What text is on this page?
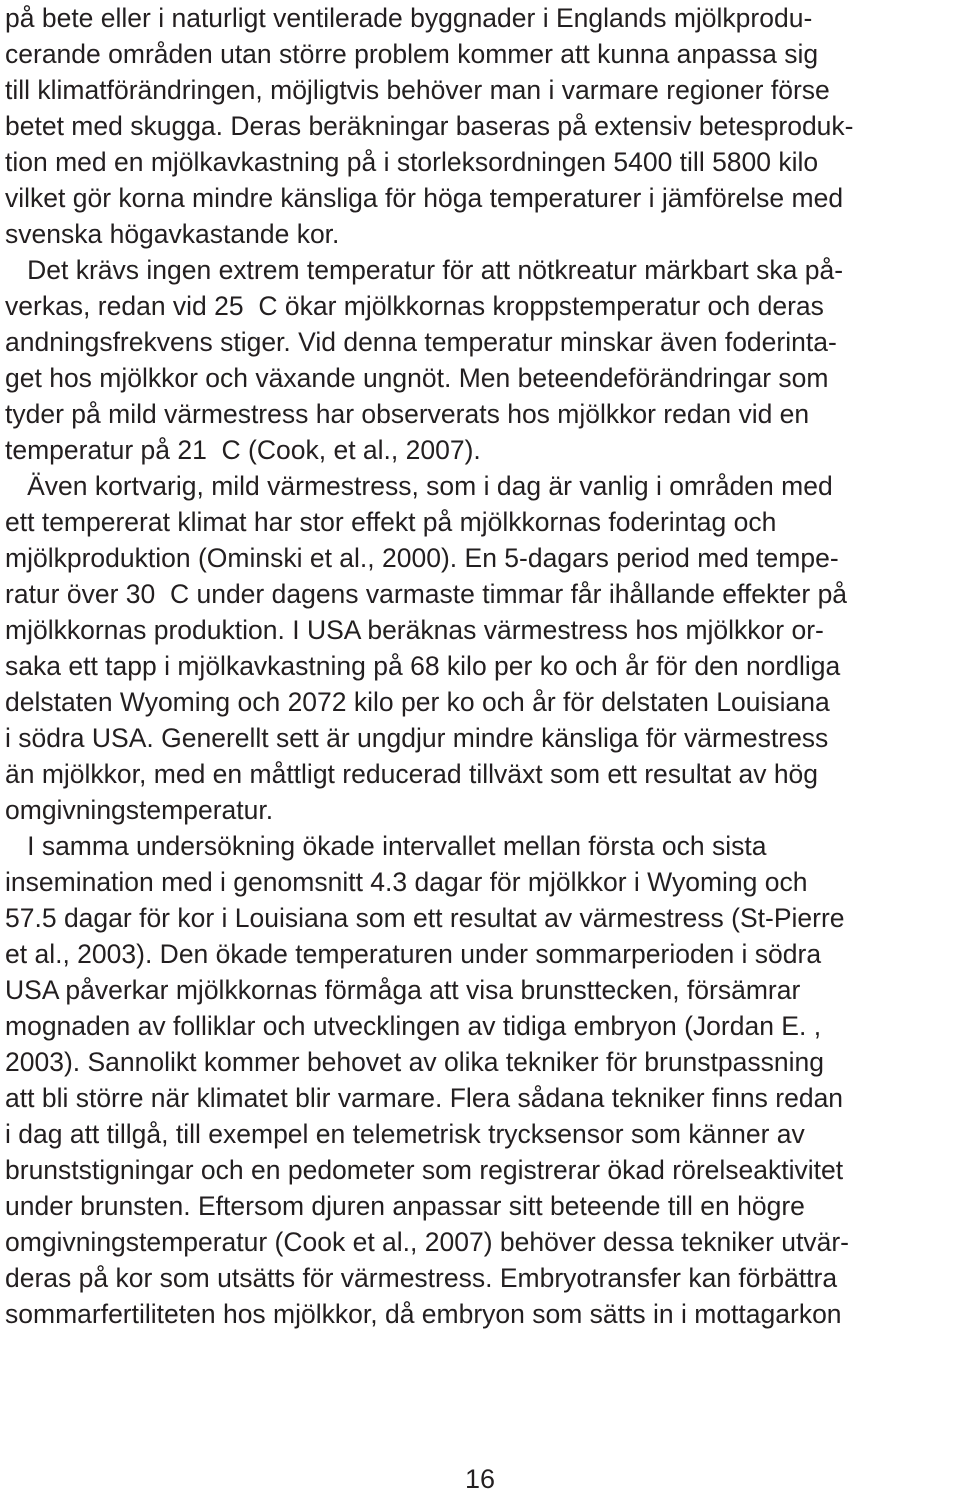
på bete eller i naturligt ventilerade byggnader i Englands mjölkprodu-
cerande områden utan större problem kommer att kunna anpassa sig
till klimatförändringen, möjligtvis behöver man i varmare regioner förse
betet med skugga. Deras beräkningar baseras på extensiv betesproduk-
tion med en mjölkavkastning på i storleksordningen 5400 till 5800 kilo
vilket gör korna mindre känsliga för höga temperaturer i jämförelse med
svenska högavkastande kor.
Det krävs ingen extrem temperatur för att nötkreatur märkbart ska på-
verkas, redan vid 25  C ökar mjölkkornas kroppstemperatur och deras
andningsfrekvens stiger. Vid denna temperatur minskar även foderinta-
get hos mjölkkor och växande ungnöt. Men beteendeförändringar som
tyder på mild värmestress har observerats hos mjölkkor redan vid en
temperatur på 21  C (Cook, et al., 2007).
Även kortvarig, mild värmestress, som i dag är vanlig i områden med
ett tempererat klimat har stor effekt på mjölkkornas foderintag och
mjölkproduktion (Ominski et al., 2000). En 5-dagars period med tempe-
ratur över 30  C under dagens varmaste timmar får ihållande effekter på
mjölkkornas produktion. I USA beräknas värmestress hos mjölkkor or-
saka ett tapp i mjölkavkastning på 68 kilo per ko och år för den nordliga
delstaten Wyoming och 2072 kilo per ko och år för delstaten Louisiana
i södra USA. Generellt sett är ungdjur mindre känsliga för värmestress
än mjölkkor, med en måttligt reducerad tillväxt som ett resultat av hög
omgivningstemperatur.
I samma undersökning ökade intervallet mellan första och sista
insemination med i genomsnitt 4.3 dagar för mjölkkor i Wyoming och
57.5 dagar för kor i Louisiana som ett resultat av värmestress (St-Pierre
et al., 2003). Den ökade temperaturen under sommarperioden i södra
USA påverkar mjölkkornas förmåga att visa brunsttecken, försämrar
mognaden av folliklar och utvecklingen av tidiga embryon (Jordan E. ,
2003). Sannolikt kommer behovet av olika tekniker för brunstpassning
att bli större när klimatet blir varmare. Flera sådana tekniker finns redan
i dag att tillgå, till exempel en telemetrisk trycksensor som känner av
brunststigningar och en pedometer som registrerar ökad rörelseaktivitet
under brunsten. Eftersom djuren anpassar sitt beteende till en högre
omgivningstemperatur (Cook et al., 2007) behöver dessa tekniker utvär-
deras på kor som utsätts för värmestress. Embryotransfer kan förbättra
sommarfertiliteten hos mjölkkor, då embryon som sätts in i mottagarkon
16
